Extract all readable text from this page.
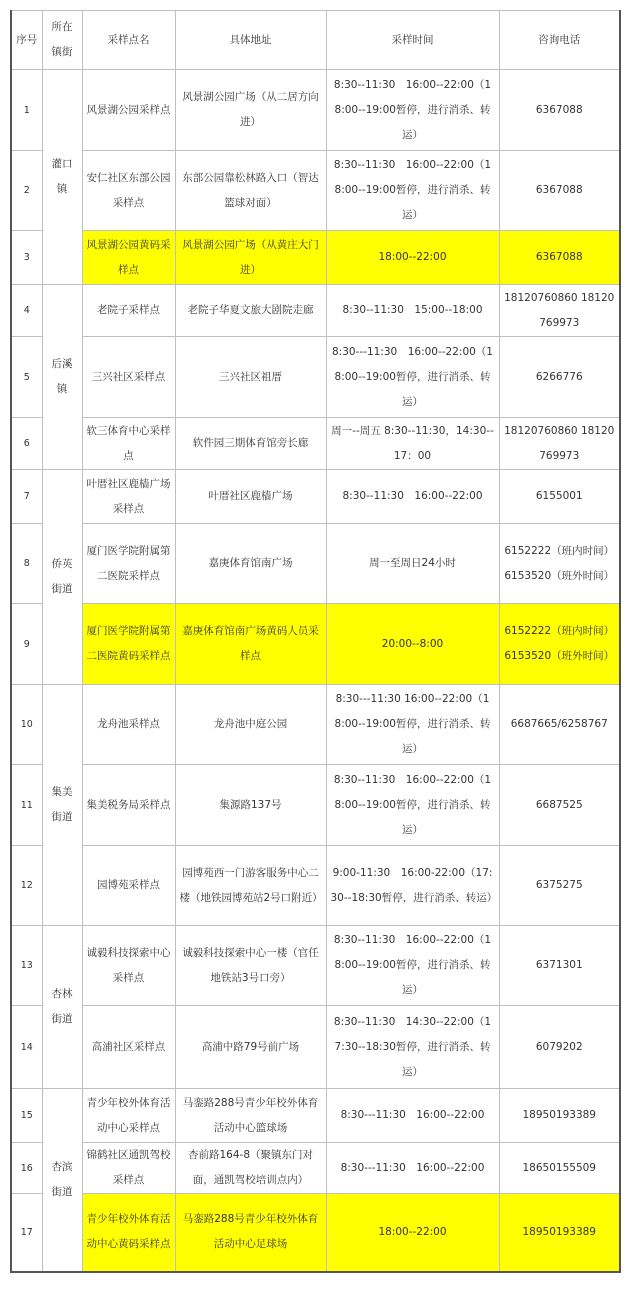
序号	所在镇街	采样点名	具体地址	采样时间	咨询电话
1	灌口镇	风景湖公园采样点	风景湖公园广场（从二居方向进）	8:30--11:30　16:00--22:00（18:00--19:00暂停，进行消杀、转运）	6367088
2		安仁社区东部公园采样点	东部公园靠松林路入口（智达篮球对面）	8:30--11:30　16:00--22:00（18:00--19:00暂停，进行消杀、转运）	6367088
3		风景湖公园黄码采样点	风景湖公园广场（从黄庄大门进）	18:00--22:00	6367088
4	后溪镇	老院子采样点	老院子华夏文旅大剧院走廊	8:30--11:30　15:00--18:00	18120760860 18120769973
5		三兴社区采样点	三兴社区祖厝	8:30---11:30　16:00--22:00（18:00--19:00暂停，进行消杀、转运）	6266776
6		软三体育中心采样点	软件园三期体育馆旁长廊	周一--周五 8:30--11:30，14:30--17：00	18120760860 18120769973
7	侨英街道	叶厝社区鹿樯广场采样点	叶厝社区鹿樯广场	8:30--11:30　16:00--22:00	6155001
8		厦门医学院附属第二医院采样点	嘉庚体育馆南广场	周一至周日24小时	6152222（班内时间）6153520（班外时间）
9		厦门医学院附属第二医院黄码采样点	嘉庚体育馆南广场黄码人员采样点	20:00--8:00	6152222（班内时间）6153520（班外时间）
10	集美街道	龙舟池采样点	龙舟池中庭公园	8:30---11:30 16:00--22:00（18:00--19:00暂停，进行消杀、转运）	6687665/6258767
11		集美税务局采样点	集源路137号	8:30--11:30　16:00--22:00（18:00--19:00暂停，进行消杀、转运）	6687525
12		园博苑采样点	园博苑西一门游客服务中心二楼（地铁园博苑站2号口附近）	9:00-11:30　16:00-22:00（17:30--18:30暂停，进行消杀、转运）	6375275
13	杏林街道	诚毅科技探索中心采样点	诚毅科技探索中心一楼（官任地铁站3号口旁）	8:30--11:30　16:00--22:00（18:00--19:00暂停，进行消杀、转运）	6371301
14		高浦社区采样点	高浦中路79号前广场	8:30--11:30　14:30--22:00（17:30--18:30暂停，进行消杀、转运）	6079202
15	杏滨街道	青少年校外体育活动中心采样点	马銮路288号青少年校外体育活动中心篮球场	8:30---11:30　16:00--22:00	18950193389
16		锦鹤社区通凯驾校采样点	杏前路164-8（聚镇东门对面，通凯驾校培训点内）	8:30---11:30　16:00--22:00	18650155509
17		青少年校外体育活动中心黄码采样点	马銮路288号青少年校外体育活动中心足球场	18:00--22:00	18950193389
